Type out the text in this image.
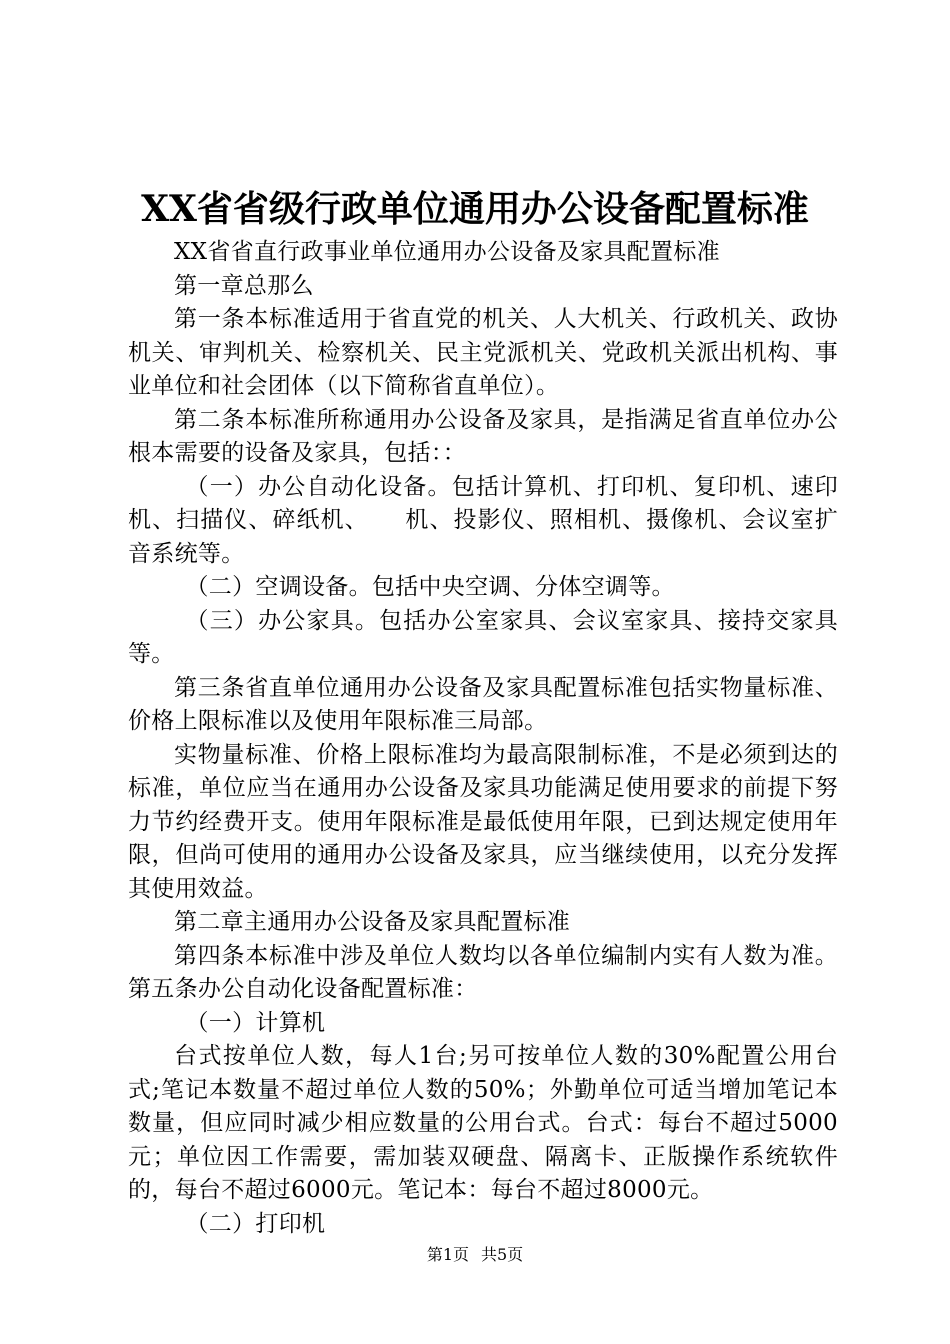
XX省省级行政单位通用办公设备配置标准

XX省省直行政事业单位通用办公设备及家具配置标准

第一章总那么

第一条本标准适用于省直党的机关、人大机关、行政机关、政协机关、审判机关、检察机关、民主党派机关、党政机关派出机构、事业单位和社会团体（以下简称省直单位）。

第二条本标准所称通用办公设备及家具，是指满足省直单位办公根本需要的设备及家具，包括：：

（一）办公自动化设备。包括计算机、打印机、复印机、速印机、扫描仪、碎纸机、　　机、投影仪、照相机、摄像机、会议室扩音系统等。

（二）空调设备。包括中央空调、分体空调等。

（三）办公家具。包括办公室家具、会议室家具、接持交家具等。

第三条省直单位通用办公设备及家具配置标准包括实物量标准、价格上限标准以及使用年限标准三局部。

实物量标准、价格上限标准均为最高限制标准，不是必须到达的标准，单位应当在通用办公设备及家具功能满足使用要求的前提下努力节约经费开支。使用年限标准是最低使用年限，已到达规定使用年限，但尚可使用的通用办公设备及家具，应当继续使用，以充分发挥其使用效益。

第二章主通用办公设备及家具配置标准

第四条本标准中涉及单位人数均以各单位编制内实有人数为准。第五条办公自动化设备配置标准：

（一）计算机

台式按单位人数，每人1台;另可按单位人数的30%配置公用台式;笔记本数量不超过单位人数的50%；外勤单位可适当增加笔记本数量，但应同时减少相应数量的公用台式。台式：每台不超过5000元；单位因工作需要，需加装双硬盘、隔离卡、正版操作系统软件的，每台不超过6000元。笔记本：每台不超过8000元。

（二）打印机

第1页 共5页
